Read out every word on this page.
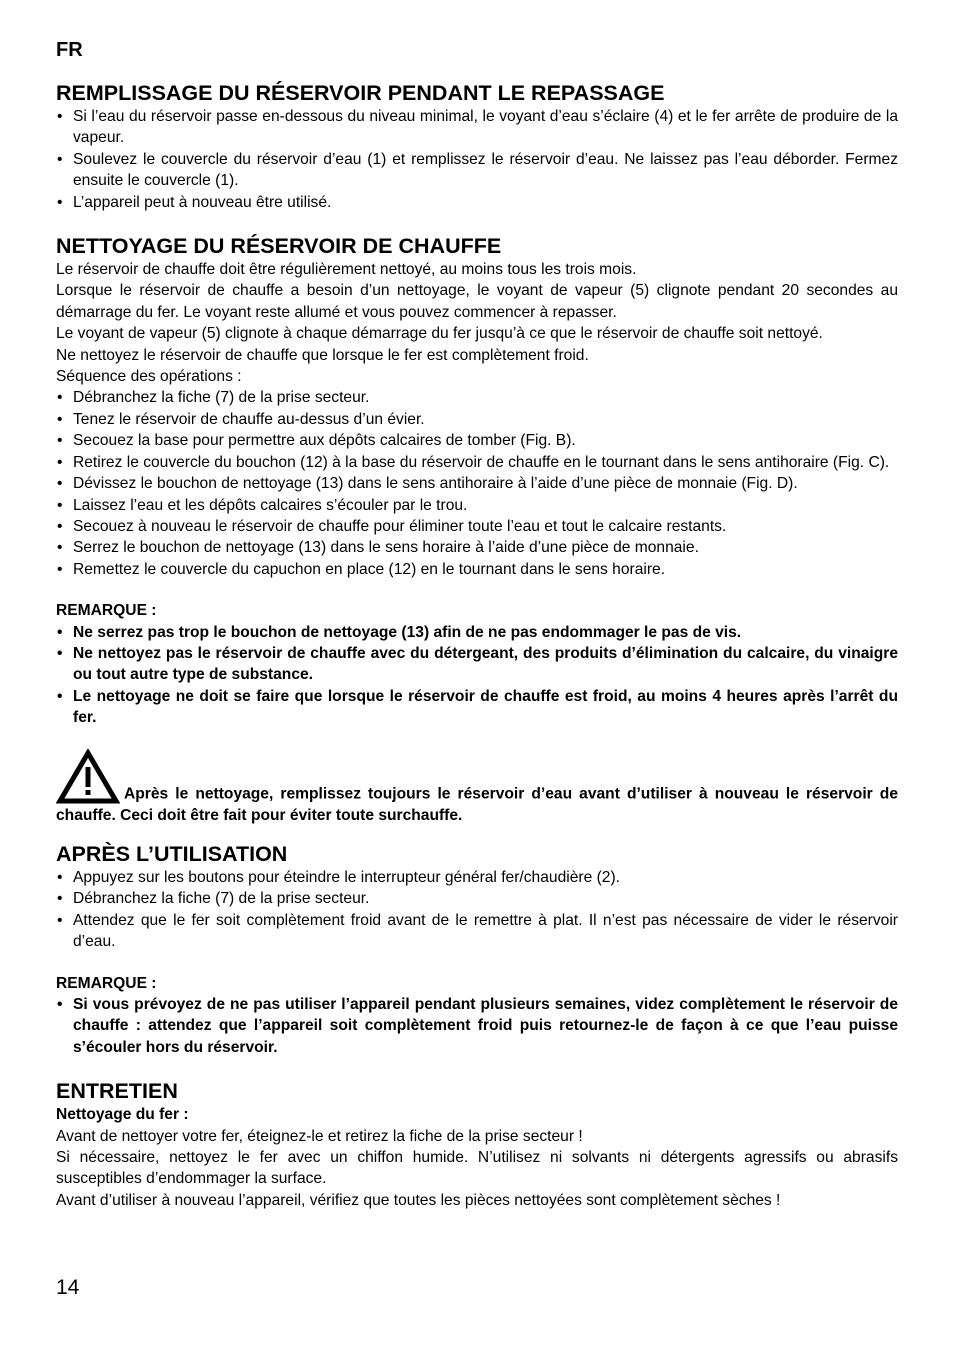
FR
REMPLISSAGE DU RÉSERVOIR PENDANT LE REPASSAGE
• Si l’eau du réservoir passe en-dessous du niveau minimal, le voyant d’eau s’éclaire (4) et le fer arrête de produire de la vapeur.
• Soulevez le couvercle du réservoir d’eau (1) et remplissez le réservoir d’eau. Ne laissez pas l’eau déborder. Fermez ensuite le couvercle (1).
• L’appareil peut à nouveau être utilisé.
NETTOYAGE DU RÉSERVOIR DE CHAUFFE

Le réservoir de chauffe doit être régulièrement nettoyé, au moins tous les trois mois.

Lorsque le réservoir de chauffe a besoin d’un nettoyage, le voyant de vapeur (5) clignote pendant 20 secondes au démarrage du fer. Le voyant reste allumé et vous pouvez commencer à repasser.

Le voyant de vapeur (5) clignote à chaque démarrage du fer jusqu’à ce que le réservoir de chauffe soit nettoyé.

Ne nettoyez le réservoir de chauffe que lorsque le fer est complètement froid.

Séquence des opérations :

• Débranchez la fiche (7) de la prise secteur.
• Tenez le réservoir de chauffe au-dessus d’un évier.
• Secouez la base pour permettre aux dépôts calcaires de tomber (Fig. B).
• Retirez le couvercle du bouchon (12) à la base du réservoir de chauffe en le tournant dans le sens antihoraire (Fig. C).
• Dévissez le bouchon de nettoyage (13) dans le sens antihoraire à l’aide d’une pièce de monnaie (Fig. D).
• Laissez l’eau et les dépôts calcaires s’écouler par le trou.
• Secouez à nouveau le réservoir de chauffe pour éliminer toute l’eau et tout le calcaire restants.
• Serrez le bouchon de nettoyage (13) dans le sens horaire à l’aide d’une pièce de monnaie.
• Remettez le couvercle du capuchon en place (12) en le tournant dans le sens horaire.
REMARQUE :
• Ne serrez pas trop le bouchon de nettoyage (13) afin de ne pas endommager le pas de vis.
• Ne nettoyez pas le réservoir de chauffe avec du détergeant, des produits d’élimination du calcaire, du vinaigre ou tout autre type de substance.
• Le nettoyage ne doit se faire que lorsque le réservoir de chauffe est froid, au moins 4 heures après l’arrêt du fer.

Après le nettoyage, remplissez toujours le réservoir d’eau avant d’utiliser à nouveau le réservoir de chauffe. Ceci doit être fait pour éviter toute surchauffe.

APRÈS L’UTILISATION
• Appuyez sur les boutons pour éteindre le interrupteur général fer/chaudière (2).
• Débranchez la fiche (7) de la prise secteur.
• Attendez que le fer soit complètement froid avant de le remettre à plat. Il n’est pas nécessaire de vider le réservoir d’eau.
REMARQUE :
• Si vous prévoyez de ne pas utiliser l’appareil pendant plusieurs semaines, videz complètement le réservoir de chauffe : attendez que l’appareil soit complètement froid puis retournez-le de façon à ce que l’eau puisse s’écouler hors du réservoir.
ENTRETIEN

Nettoyage du fer :

Avant de nettoyer votre fer, éteignez-le et retirez la fiche de la prise secteur !

Si nécessaire, nettoyez le fer avec un chiffon humide. N’utilisez ni solvants ni détergents agressifs ou abrasifs susceptibles d’endommager la surface.

Avant d’utiliser à nouveau l’appareil, vérifiez que toutes les pièces nettoyées sont complètement sèches !

14
